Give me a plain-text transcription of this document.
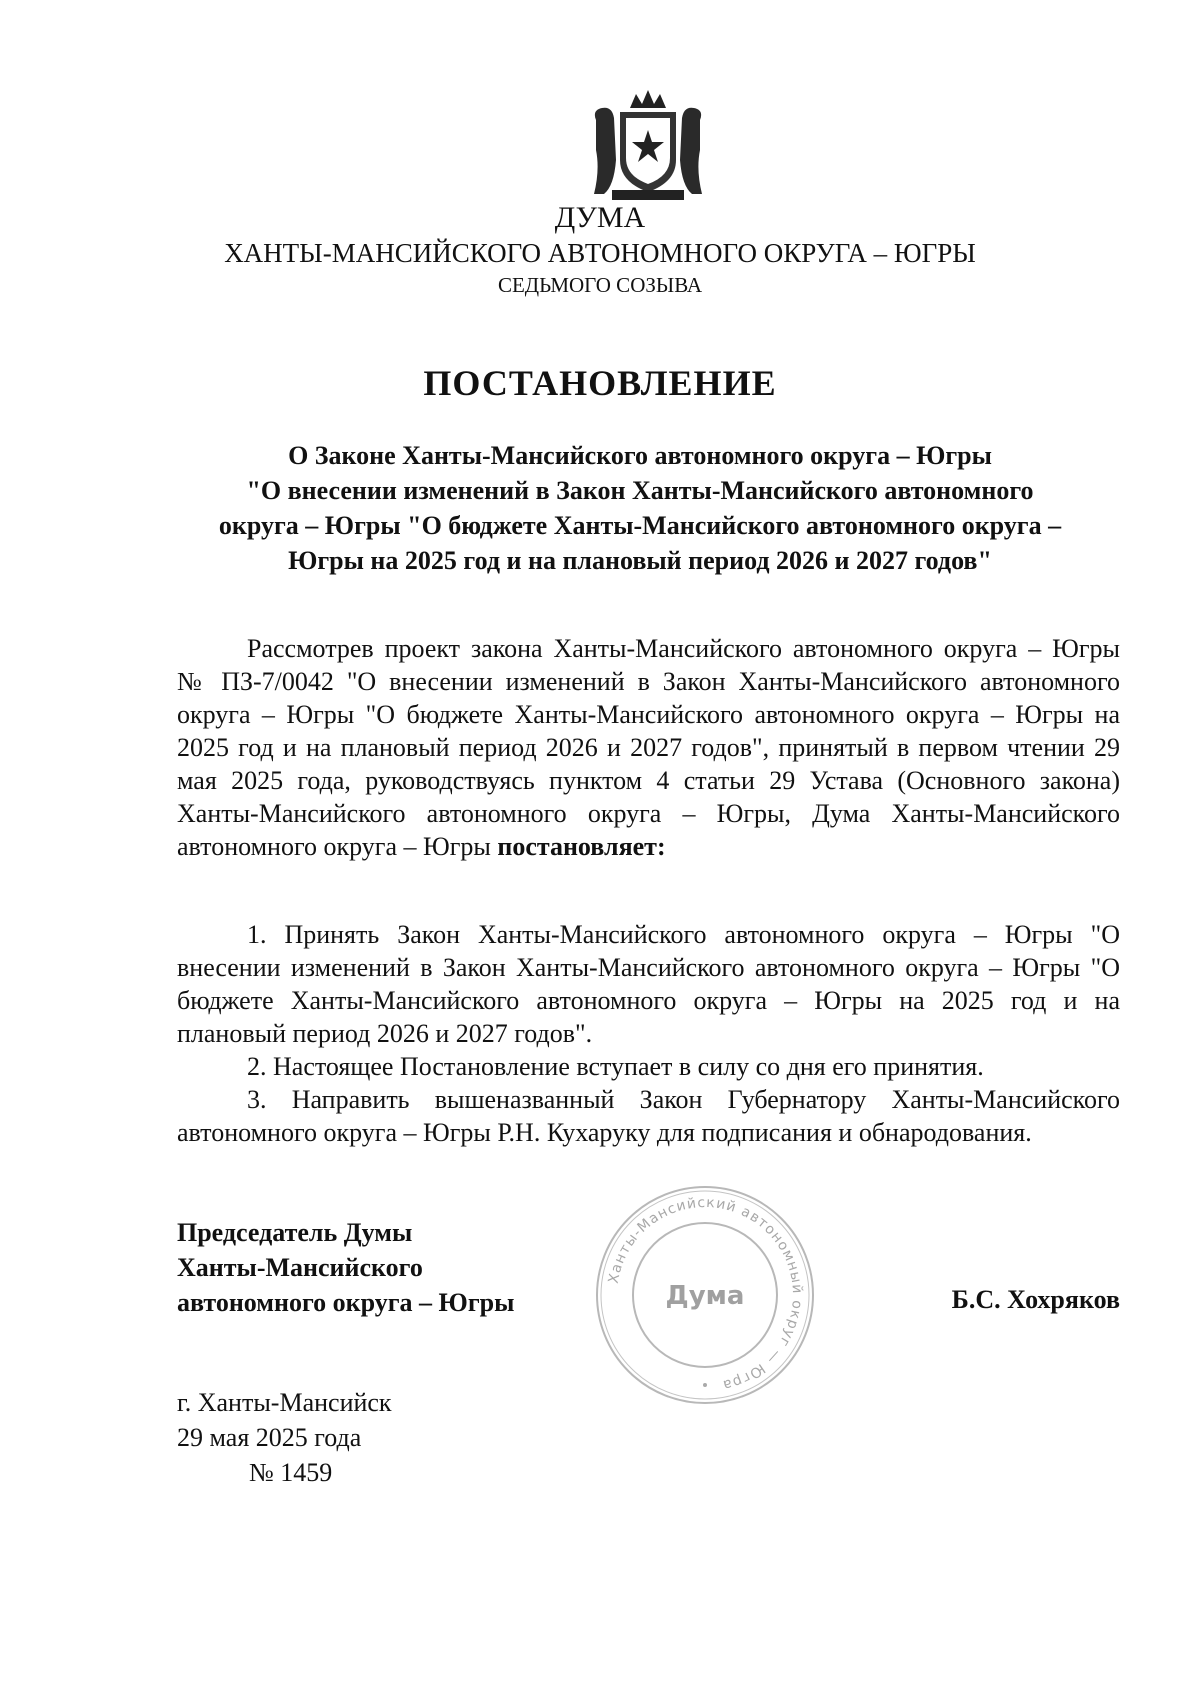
ДУМА
ХАНТЫ-МАНСИЙСКОГО АВТОНОМНОГО ОКРУГА – ЮГРЫ
СЕДЬМОГО СОЗЫВА
ПОСТАНОВЛЕНИЕ
О Законе Ханты-Мансийского автономного округа – Югры
"О внесении изменений в Закон Ханты-Мансийского автономного
округа – Югры "О бюджете Ханты-Мансийского автономного округа –
Югры на 2025 год и на плановый период 2026 и 2027 годов"

Рассмотрев проект закона Ханты-Мансийского автономного округа – Югры № ПЗ-7/0042 "О внесении изменений в Закон Ханты-Мансийского автономного округа – Югры "О бюджете Ханты-Мансийского автономного округа – Югры на 2025 год и на плановый период 2026 и 2027 годов", принятый в первом чтении 29 мая 2025 года, руководствуясь пунктом 4 статьи 29 Устава (Основного закона) Ханты-Мансийского автономного округа – Югры, Дума Ханты-Мансийского автономного округа – Югры постановляет:

1. Принять Закон Ханты-Мансийского автономного округа – Югры "О внесении изменений в Закон Ханты-Мансийского автономного округа – Югры "О бюджете Ханты-Мансийского автономного округа – Югры на 2025 год и на плановый период 2026 и 2027 годов".

2. Настоящее Постановление вступает в силу со дня его принятия.

3. Направить вышеназванный Закон Губернатору Ханты-Мансийского автономного округа – Югры Р.Н. Кухаруку для подписания и обнародования.

Председатель Думы
Ханты-Мансийского
автономного округа – Югры
Ханты-Мансийский автономный округ — Югра
Дума	Б.С. Хохряков
г. Ханты-Мансийск
29 мая 2025 года
№ 1459
